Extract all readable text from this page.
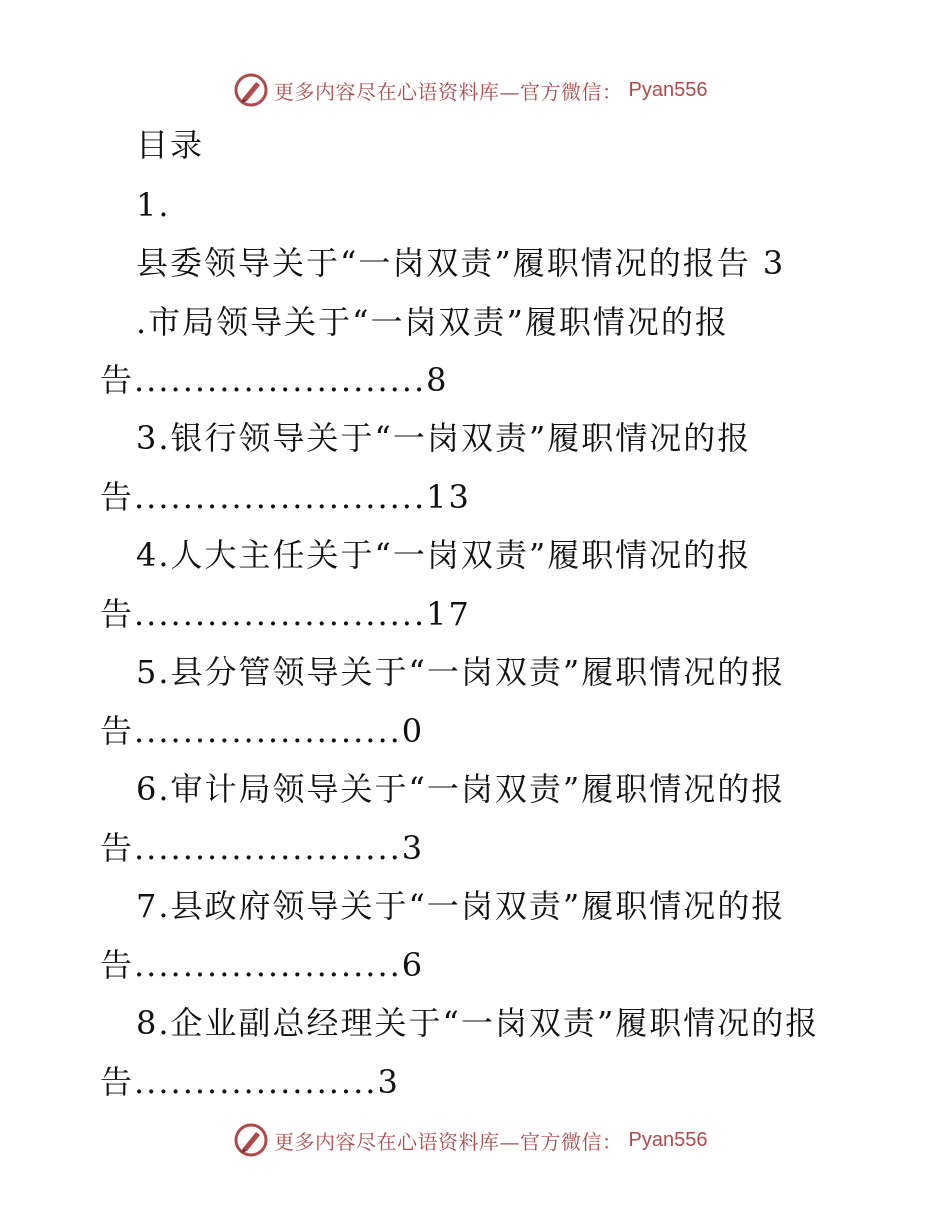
更多内容尽在心语资料库—官方微信： Pyan556
目录
1.
县委领导关于“一岗双责”履职情况的报告 3
.市局领导关于“一岗双责”履职情况的报
告........................8
3.银行领导关于“一岗双责”履职情况的报
告........................13
4.人大主任关于“一岗双责”履职情况的报
告........................17
5.县分管领导关于“一岗双责”履职情况的报
告......................0
6.审计局领导关于“一岗双责”履职情况的报
告......................3
7.县政府领导关于“一岗双责”履职情况的报
告......................6
8.企业副总经理关于“一岗双责”履职情况的报
告....................3
更多内容尽在心语资料库—官方微信： Pyan556
